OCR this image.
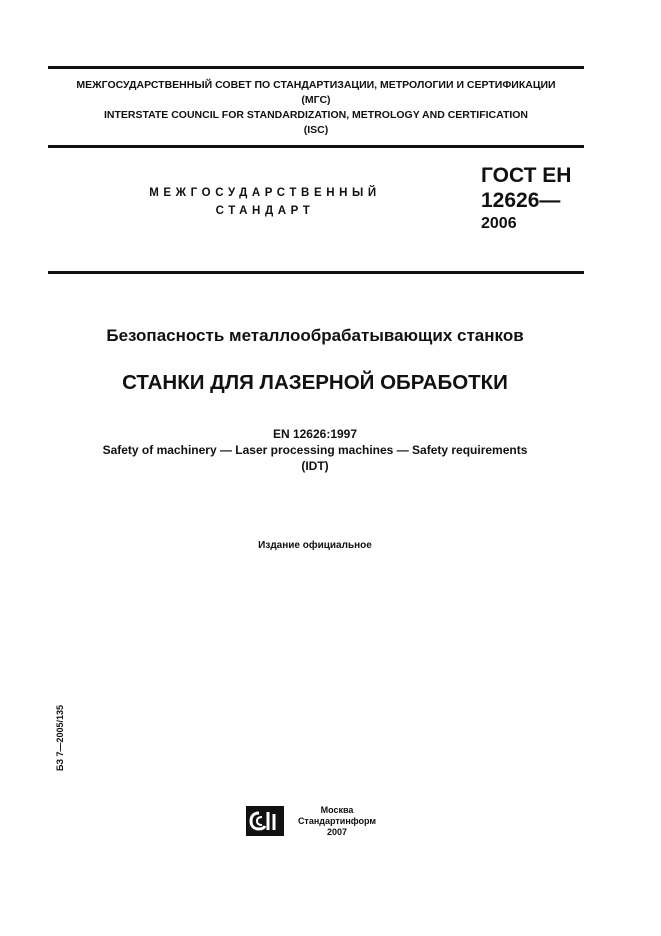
МЕЖГОСУДАРСТВЕННЫЙ СОВЕТ ПО СТАНДАРТИЗАЦИИ, МЕТРОЛОГИИ И СЕРТИФИКАЦИИ
(МГС)
INTERSTATE COUNCIL FOR STANDARDIZATION, METROLOGY AND CERTIFICATION
(ISC)
МЕЖГОСУДАРСТВЕННЫЙ
СТАНДАРТ
ГОСТ ЕН
12626—
2006
Безопасность металлообрабатывающих станков
СТАНКИ ДЛЯ ЛАЗЕРНОЙ ОБРАБОТКИ
EN 12626:1997
Safety of machinery — Laser processing machines — Safety requirements
(IDT)
Издание официальное
БЗ 7—2005/135
Москва
Стандартинформ
2007
